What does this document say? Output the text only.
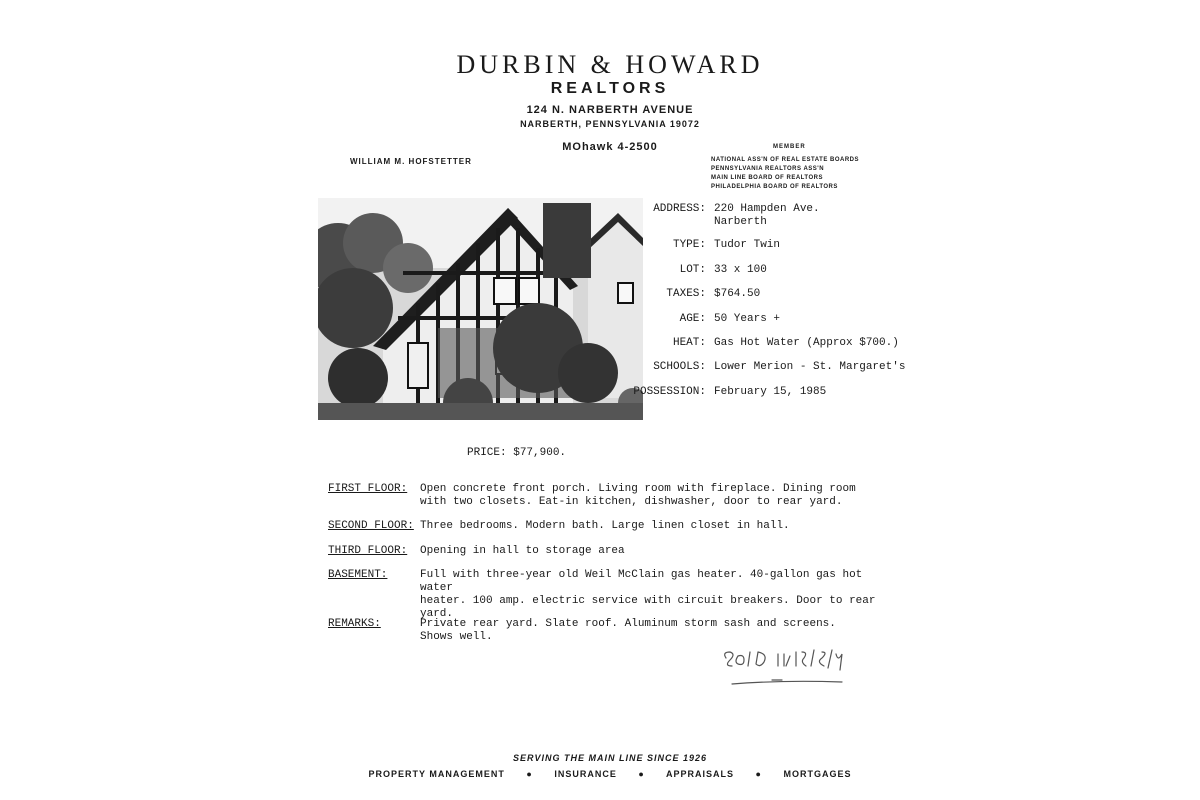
DURBIN & HOWARD
REALTORS
124 N. NARBERTH AVENUE
NARBERTH, PENNSYLVANIA 19072
MOhawk 4-2500
WILLIAM M. HOFSTETTER
MEMBER
NATIONAL ASS'N OF REAL ESTATE BOARDS
PENNSYLVANIA REALTORS ASS'N
MAIN LINE BOARD OF REALTORS
PHILADELPHIA BOARD OF REALTORS
ADDRESS: 220 Hampden Ave.
Narberth
TYPE: Tudor Twin
LOT: 33 x 100
TAXES: $764.50
AGE: 50 Years +
HEAT: Gas Hot Water (Approx $700.)
SCHOOLS: Lower Merion - St. Margaret's
POSSESSION: February 15, 1985
PRICE: $77,900.
FIRST FLOOR: Open concrete front porch. Living room with fireplace. Dining room
with two closets. Eat-in kitchen, dishwasher, door to rear yard.
SECOND FLOOR: Three bedrooms. Modern bath. Large linen closet in hall.
THIRD FLOOR: Opening in hall to storage area
BASEMENT:	Full with three-year old Weil McClain gas heater. 40-gallon gas hot water
heater. 100 amp. electric service with circuit breakers. Door to rear
yard.
REMARKS:	Private rear yard. Slate roof. Aluminum storm sash and screens.
Shows well.
SERVING THE MAIN LINE SINCE 1926
PROPERTY MANAGEMENT ● INSURANCE ● APPRAISALS ● MORTGAGES
